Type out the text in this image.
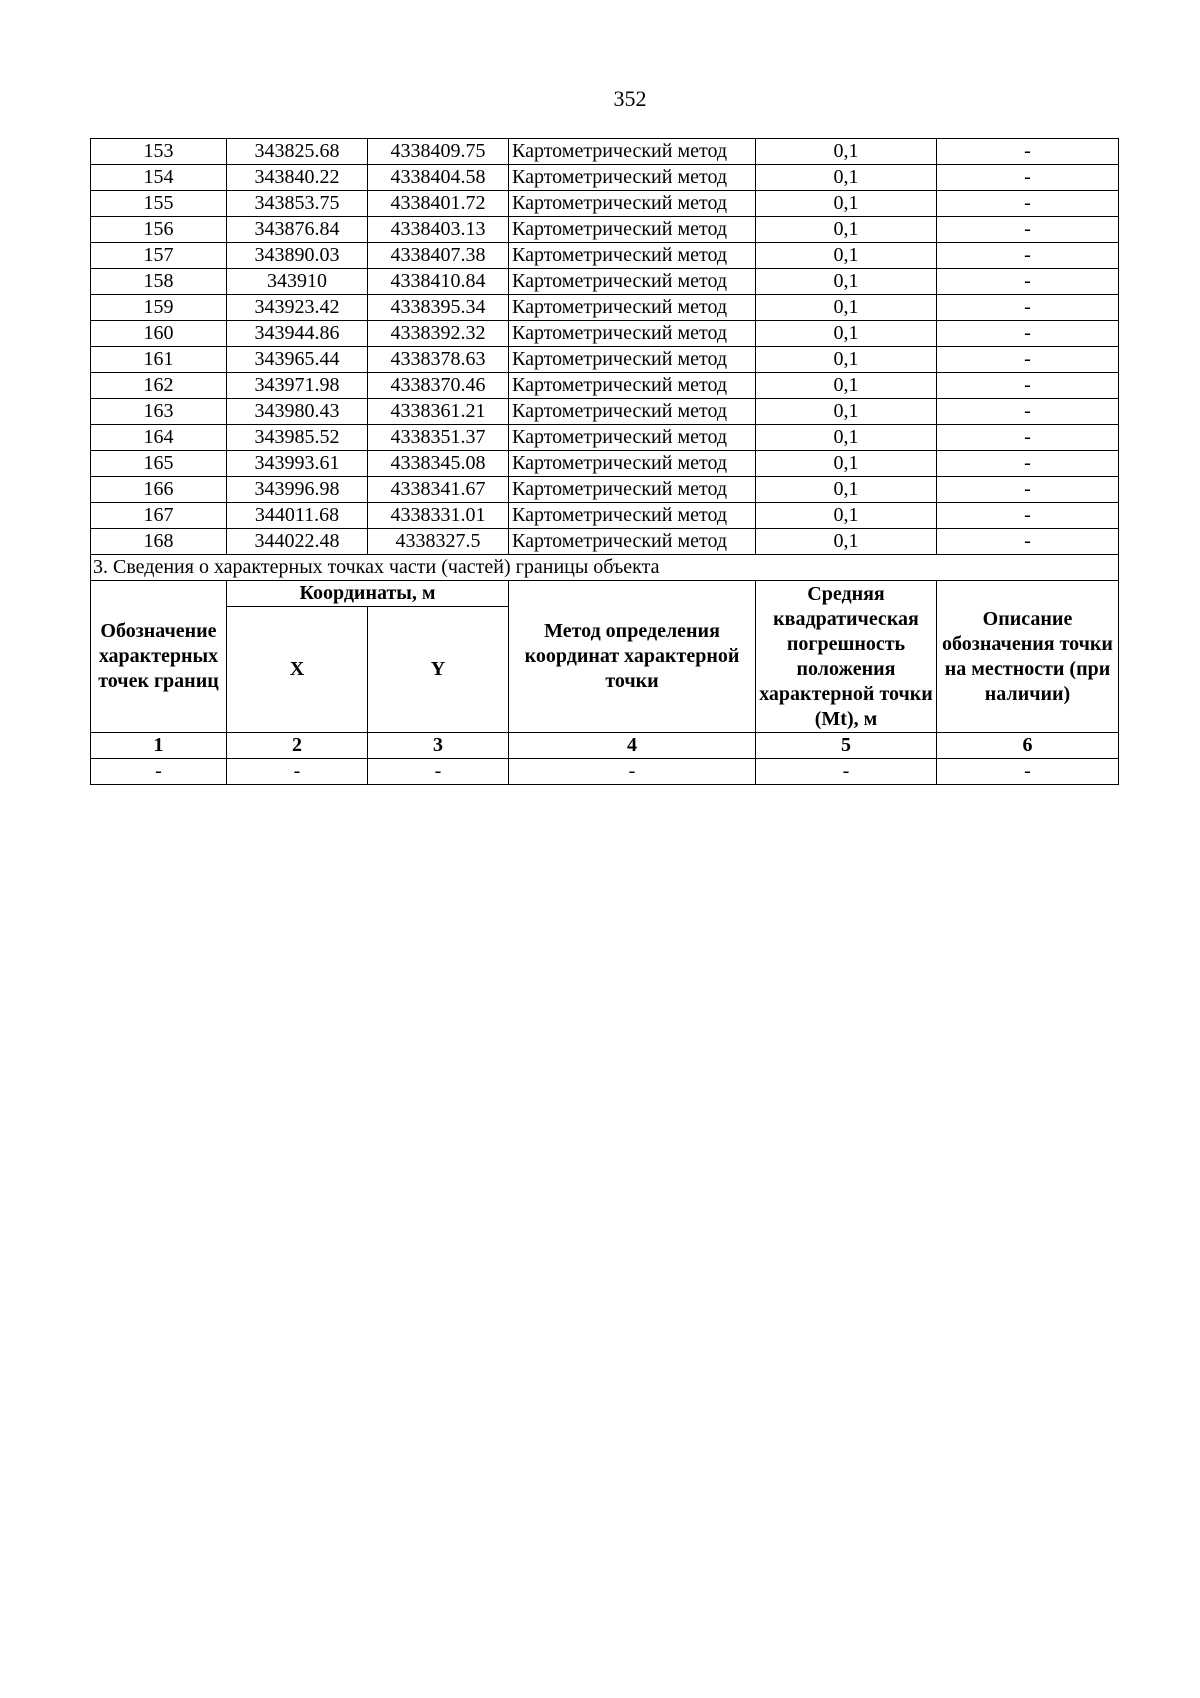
352
153	343825.68	4338409.75	Картометрический метод	0,1	-
154	343840.22	4338404.58	Картометрический метод	0,1	-
155	343853.75	4338401.72	Картометрический метод	0,1	-
156	343876.84	4338403.13	Картометрический метод	0,1	-
157	343890.03	4338407.38	Картометрический метод	0,1	-
158	343910	4338410.84	Картометрический метод	0,1	-
159	343923.42	4338395.34	Картометрический метод	0,1	-
160	343944.86	4338392.32	Картометрический метод	0,1	-
161	343965.44	4338378.63	Картометрический метод	0,1	-
162	343971.98	4338370.46	Картометрический метод	0,1	-
163	343980.43	4338361.21	Картометрический метод	0,1	-
164	343985.52	4338351.37	Картометрический метод	0,1	-
165	343993.61	4338345.08	Картометрический метод	0,1	-
166	343996.98	4338341.67	Картометрический метод	0,1	-
167	344011.68	4338331.01	Картометрический метод	0,1	-
168	344022.48	4338327.5	Картометрический метод	0,1	-
3. Сведения о характерных точках части (частей) границы объекта					
Обозначение характерных точек границ	Координаты, м		Метод определения координат характерной точки	Средняя квадратическая погрешность положения характерной точки (Mt), м	Описание обозначения точки на местности (при наличии)
	X	Y			
1	2	3	4	5	6
-	-	-	-	-	-
